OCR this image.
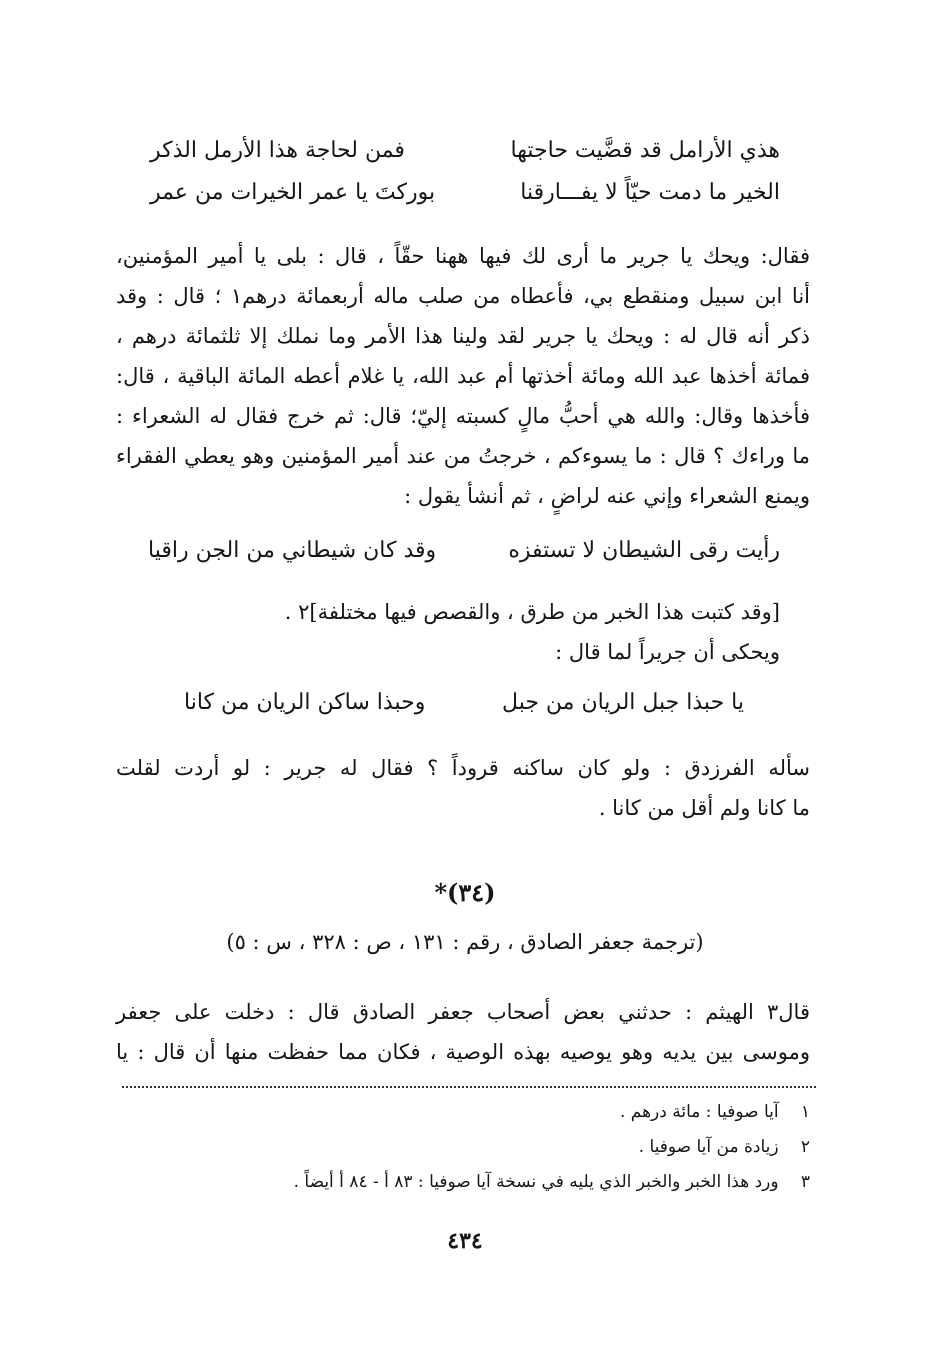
هذي الأرامل قد قضَّيت حاجتها
فمن لحاجة هذا الأرمل الذكر
الخير ما دمت حيّاً لا يفـــارقنا
بوركتَ يا عمر الخيرات من عمر
فقال: ويحك يا جرير ما أرى لك فيها ههنا حقّاً ، قال : بلى يا أمير المؤمنين،
أنا ابن سبيل ومنقطع بي، فأعطاه من صلب ماله أربعمائة درهم١ ؛ قال : وقد
ذكر أنه قال له : ويحك يا جرير لقد ولينا هذا الأمر وما نملك إلا ثلثمائة درهم ،
فمائة أخذها عبد الله ومائة أخذتها أم عبد الله، يا غلام أعطه المائة الباقية ، قال:
فأخذها وقال: والله هي أحبُّ مالٍ كسبته إليّ؛ قال: ثم خرج فقال له الشعراء :
ما وراءك ؟ قال : ما يسوءكم ، خرجتُ من عند أمير المؤمنين وهو يعطي الفقراء
ويمنع الشعراء وإني عنه لراضٍ ، ثم أنشأ يقول :
رأيت رقى الشيطان لا تستفزه
وقد كان شيطاني من الجن راقيا
[وقد كتبت هذا الخبر من طرق ، والقصص فيها مختلفة]٢ .
ويحكى أن جريراً لما قال :
يا حبذا جبل الريان من جبل
وحبذا ساكن الريان من كانا
سأله الفرزدق : ولو كان ساكنه قروداً ؟ فقال له جرير : لو أردت لقلت
ما كانا ولم أقل من كانا .
(٣٤)*
(ترجمة جعفر الصادق ، رقم : ١٣١ ، ص : ٣٢٨ ، س : ٥)
قال٣ الهيثم : حدثني بعض أصحاب جعفر الصادق قال : دخلت على جعفر
وموسى بين يديه وهو يوصيه بهذه الوصية ، فكان مما حفظت منها أن قال : يا
١ آيا صوفيا : مائة درهم .
٢ زيادة من آيا صوفيا .
٣ ورد هذا الخبر والخبر الذي يليه في نسخة آيا صوفيا : ٨٣ أ - ٨٤ أ أيضاً .
٤٣٤
